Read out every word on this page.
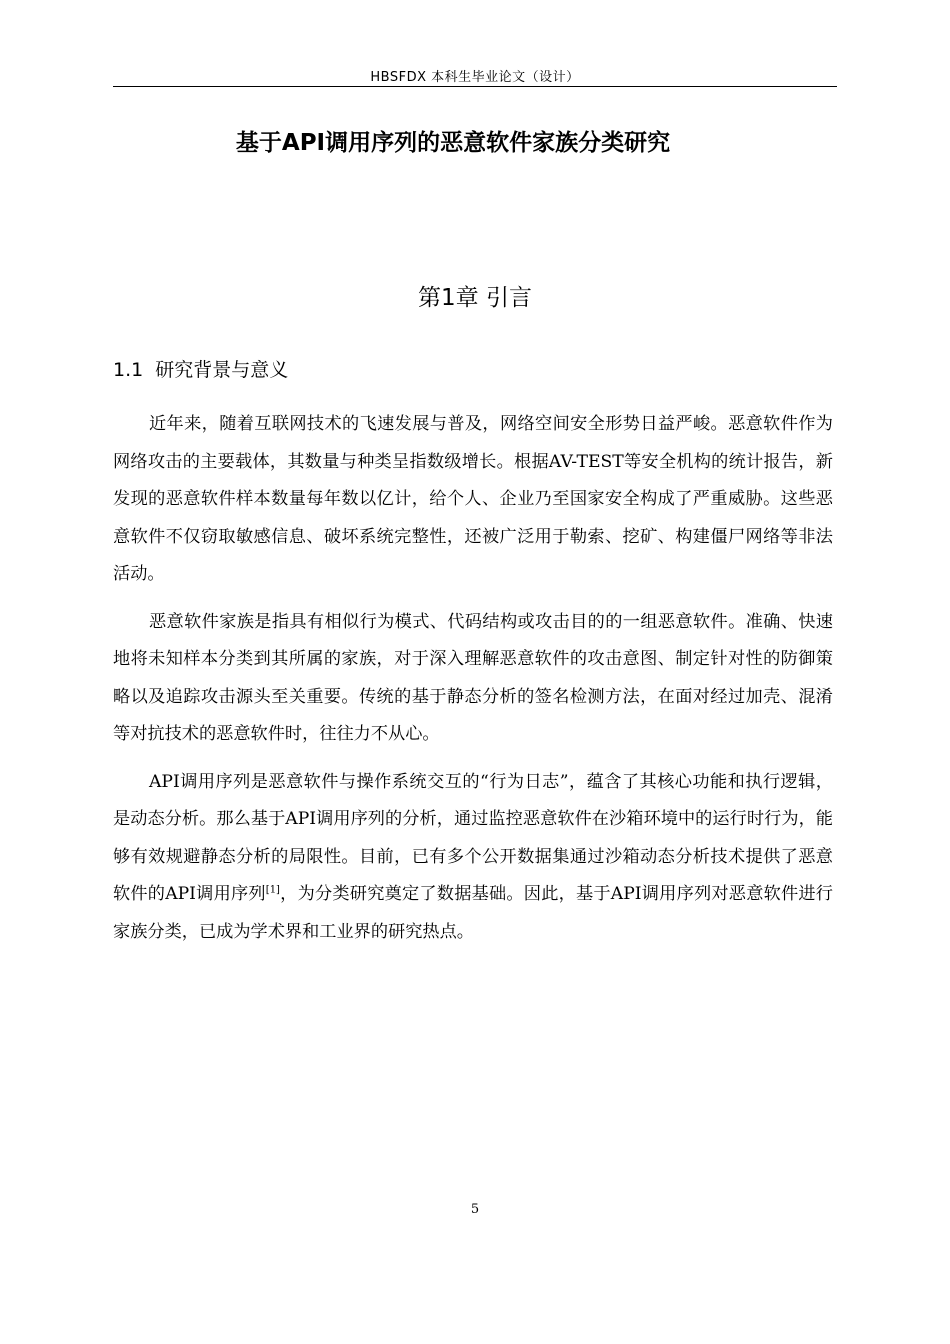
HBSFDX 本科生毕业论文（设计）
基于API调用序列的恶意软件家族分类研究
第1章 引言
1.1  研究背景与意义

近年来，随着互联网技术的飞速发展与普及，网络空间安全形势日益严峻。恶意软件作为网络攻击的主要载体，其数量与种类呈指数级增长。根据AV-TEST等安全机构的统计报告，新发现的恶意软件样本数量每年数以亿计，给个人、企业乃至国家安全构成了严重威胁。这些恶意软件不仅窃取敏感信息、破坏系统完整性，还被广泛用于勒索、挖矿、构建僵尸网络等非法活动。

恶意软件家族是指具有相似行为模式、代码结构或攻击目的的一组恶意软件。准确、快速地将未知样本分类到其所属的家族，对于深入理解恶意软件的攻击意图、制定针对性的防御策略以及追踪攻击源头至关重要。传统的基于静态分析的签名检测方法，在面对经过加壳、混淆等对抗技术的恶意软件时，往往力不从心。

API调用序列是恶意软件与操作系统交互的“行为日志”，蕴含了其核心功能和执行逻辑，是动态分析。那么基于API调用序列的分析，通过监控恶意软件在沙箱环境中的运行时行为，能够有效规避静态分析的局限性。目前，已有多个公开数据集通过沙箱动态分析技术提供了恶意软件的API调用序列[1]，为分类研究奠定了数据基础。因此，基于API调用序列对恶意软件进行家族分类，已成为学术界和工业界的研究热点。

5
